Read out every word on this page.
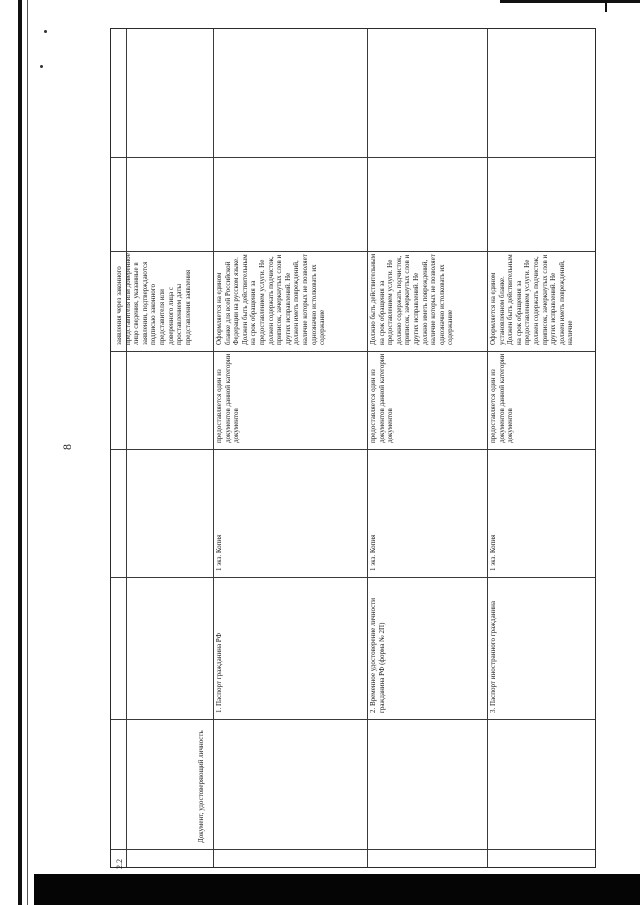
8
2.2
Документ, удостоверяющий личность
1. Паспорт гражданина РФ
1 экз. Копия
предоставляется один из документов данной категории документов
Оформляется на едином бланке для всей Российской Федерации на русском языке. Должен быть действительным на срок обращения за предоставлением услуги. Не должен содержать подчисток, приписок, зачеркнутых слов и других исправлений. Не должен иметь повреждений, наличие которых не позволяет однозначно истолковать их содержание
2. Временное удостоверение личности гражданина РФ (форма № 2П)
1 экз. Копия
предоставляется один из документов данной категории документов
Должно быть действительным на срок обращения за предоставлением услуги. Не должно содержать подчисток, приписок, зачеркнутых слов и других исправлений. Не должно иметь повреждений, наличие которых не позволяет однозначно истолковать их содержание
3. Паспорт иностранного гражданина
1 экз. Копия
предоставляется один из документов данной категории документов
Оформляется на едином установленном бланке. Должен быть действительным на срок обращения за предоставлением услуги. Не должен содержать подчисток, приписок, зачеркнутых слов и других исправлений. Не должен иметь повреждений, наличие
заявления через законного представителя или доверенное лицо сведения, указанные в заявлении, подтверждаются подписью законного представителя или доверенного лица с проставлением даты представления заявления
